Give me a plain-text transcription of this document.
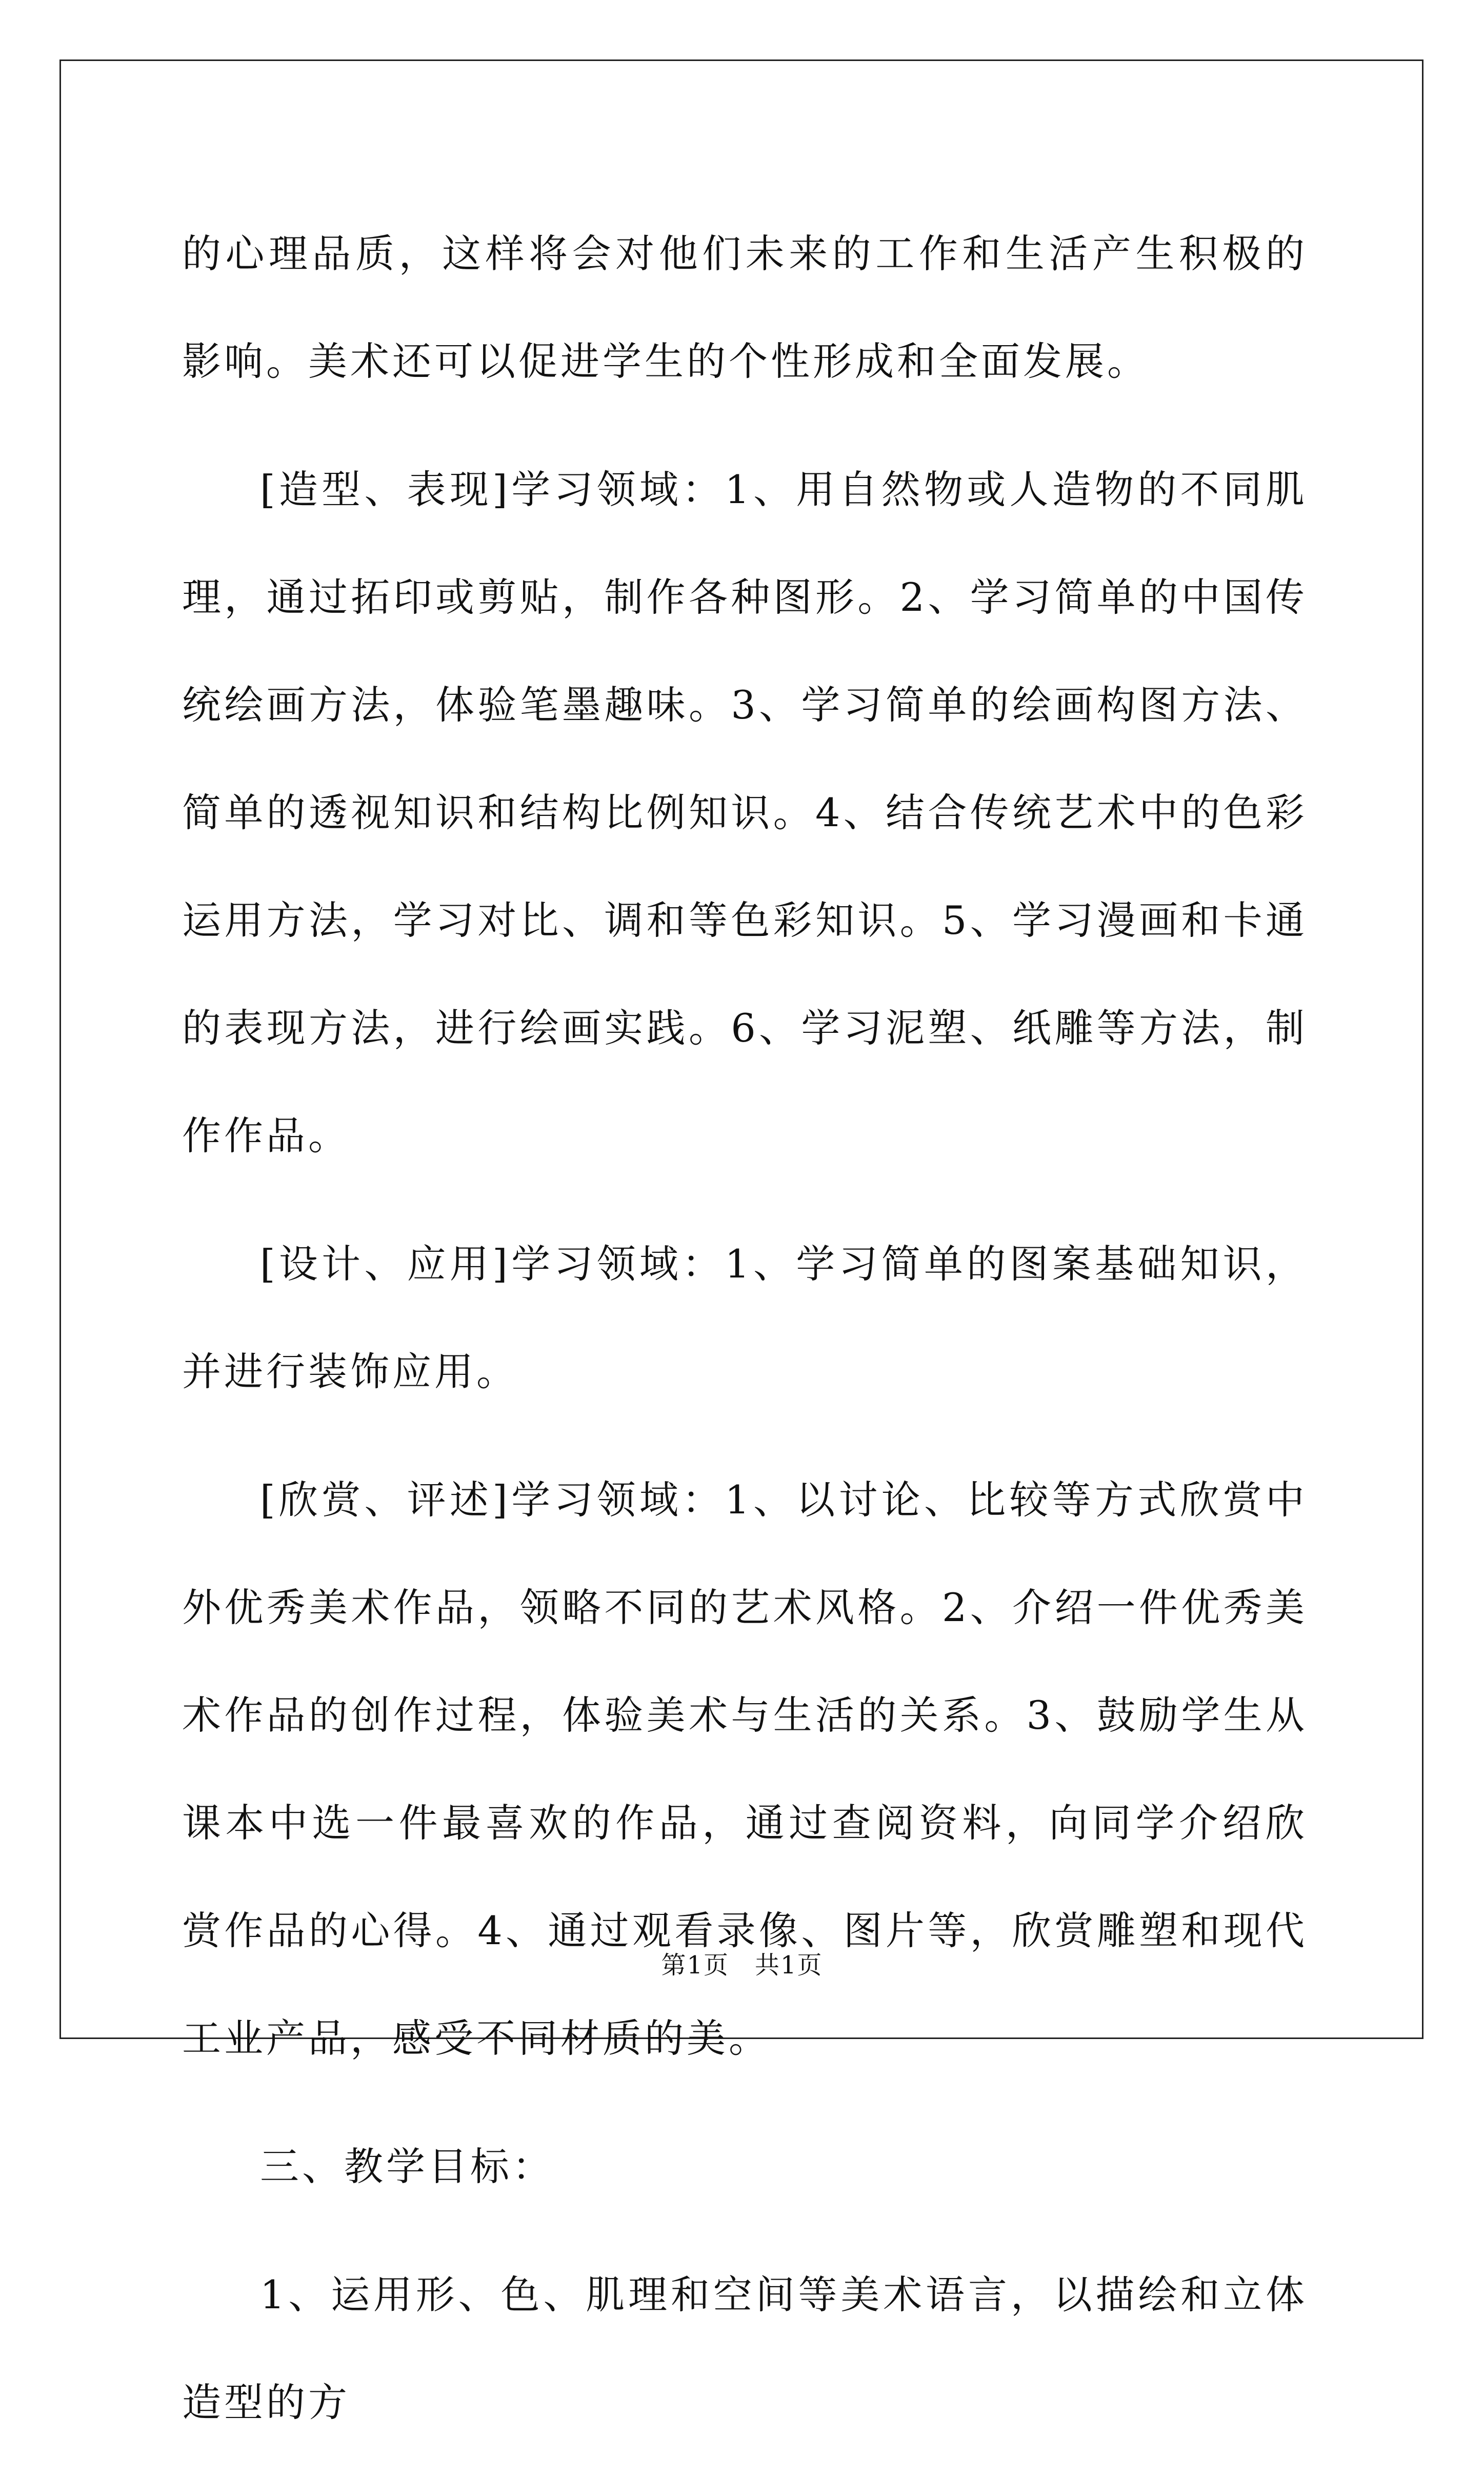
的心理品质，这样将会对他们未来的工作和生活产生积极的影响。美术还可以促进学生的个性形成和全面发展。

[造型、表现]学习领域：1、用自然物或人造物的不同肌理，通过拓印或剪贴，制作各种图形。2、学习简单的中国传统绘画方法，体验笔墨趣味。3、学习简单的绘画构图方法、简单的透视知识和结构比例知识。4、结合传统艺术中的色彩运用方法，学习对比、调和等色彩知识。5、学习漫画和卡通的表现方法，进行绘画实践。6、学习泥塑、纸雕等方法，制作作品。

[设计、应用]学习领域：1、学习简单的图案基础知识，并进行装饰应用。

[欣赏、评述]学习领域：1、以讨论、比较等方式欣赏中外优秀美术作品，领略不同的艺术风格。2、介绍一件优秀美术作品的创作过程，体验美术与生活的关系。3、鼓励学生从课本中选一件最喜欢的作品，通过查阅资料，向同学介绍欣赏作品的心得。4、通过观看录像、图片等，欣赏雕塑和现代工业产品，感受不同材质的美。

三、教学目标：

1、运用形、色、肌理和空间等美术语言，以描绘和立体造型的方

第1页　共1页
